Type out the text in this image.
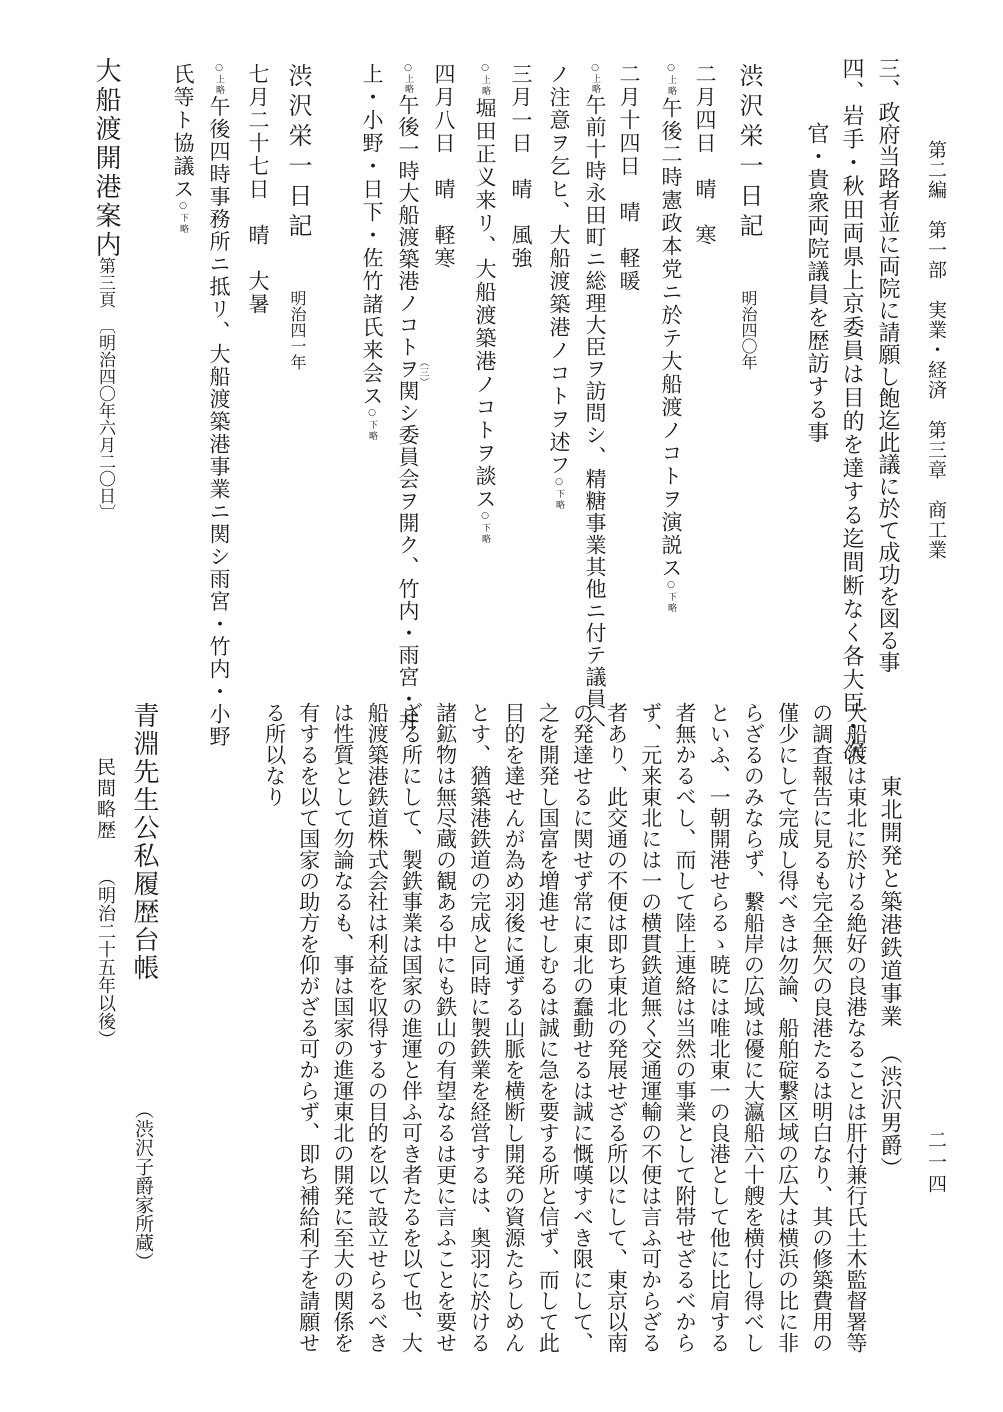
第二編　第一部　実業・経済　第三章　商工業
三、政府当路者並に両院に請願し飽迄此議に於て成功を図る事
四、岩手・秋田両県上京委員は目的を達する迄間断なく各大臣・次
官・貴衆両院議員を歴訪する事
渋沢栄一日記
明治四〇年
二月四日　晴　寒
○上略午後二時憲政本党ニ於テ大船渡ノコトヲ演説ス○下略
二月十四日　晴　軽暖
○上略午前十時永田町ニ総理大臣ヲ訪問シ、精糖事業其他ニ付テ議員ヘ
ノ注意ヲ乞ヒ、大船渡築港ノコトヲ述フ○下略
三月一日　晴　風強
○上略堀田正义来リ、大船渡築港ノコトヲ談ス○下略
四月八日　晴　軽寒
○上略午後一時大船渡築港ノコトヲ関シ委員会ヲ開ク、竹内・雨宮・井
（三）
上・小野・日下・佐竹諸氏来会ス○下略
渋沢栄一日記
明治四一年
七月二十七日　晴　大暑
○上略午後四時事務所ニ抵リ、大船渡築港事業ニ関シ雨宮・竹内・小野
氏等ト協議ス○下略
大船渡開港案内
第三頁
〔明治四〇年六月二〇日〕
二一四
東北開発と築港鉄道事業（渋沢男爵）
大船渡は東北に於ける絶好の良港なることは肝付兼行氏土木監督署等
の調査報告に見るも完全無欠の良港たるは明白なり、其の修築費用の
僅少にして完成し得べきは勿論、船舶碇繋区域の広大は横浜の比に非
らざるのみならず、繋船岸の広域は優に大瀛船六十艘を横付し得べし
といふ、一朝開港せらるゝ暁には唯北東一の良港として他に比肩する
者無かるべし、而して陸上連絡は当然の事業として附帯せざるべから
ず、元来東北には一の横貫鉄道無く交通運輸の不便は言ふ可からざる
者あり、此交通の不便は即ち東北の発展せざる所以にして、東京以南
の発達せるに関せず常に東北の蠢動せるは誠に慨嘆すべき限にして、
之を開発し国富を増進せしむるは誠に急を要する所と信ず、而して此
目的を達せんが為め羽後に通ずる山脈を横断し開発の資源たらしめん
とす、猶築港鉄道の完成と同時に製鉄業を経営するは、奥羽に於ける
諸鉱物は無尽蔵の観ある中にも鉄山の有望なるは更に言ふことを要せ
ざる所にして、製鉄事業は国家の進運と伴ふ可き者たるを以て也、大
船渡築港鉄道株式会社は利益を収得するの目的を以て設立せらるべき
は性質として勿論なるも、事は国家の進運東北の開発に至大の関係を
有するを以て国家の助方を仰がざる可からず、即ち補給利子を請願せ
る所以なり
青淵先生公私履歴台帳
（渋沢子爵家所蔵）
民間略歴
（明治二十五年以後）
